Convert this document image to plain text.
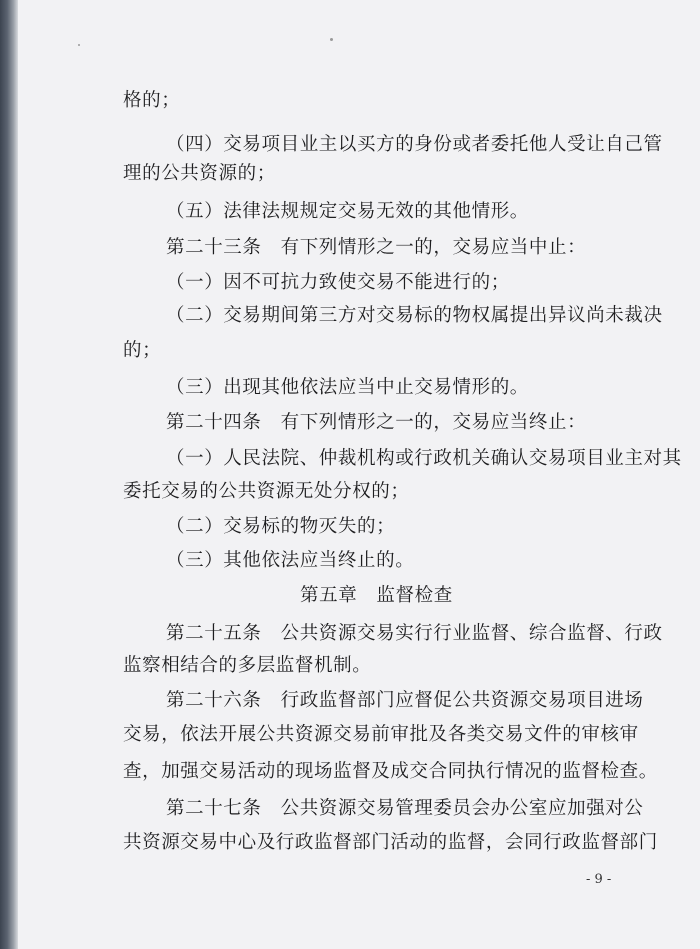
格的；
（四）交易项目业主以买方的身份或者委托他人受让自己管
理的公共资源的；
（五）法律法规规定交易无效的其他情形。
第二十三条　有下列情形之一的，交易应当中止：
（一）因不可抗力致使交易不能进行的；
（二）交易期间第三方对交易标的物权属提出异议尚未裁决
的；
（三）出现其他依法应当中止交易情形的。
第二十四条　有下列情形之一的，交易应当终止：
（一）人民法院、仲裁机构或行政机关确认交易项目业主对其
委托交易的公共资源无处分权的；
（二）交易标的物灭失的；
（三）其他依法应当终止的。
第五章　监督检查
第二十五条　公共资源交易实行行业监督、综合监督、行政
监察相结合的多层监督机制。
第二十六条　行政监督部门应督促公共资源交易项目进场
交易，依法开展公共资源交易前审批及各类交易文件的审核审
查，加强交易活动的现场监督及成交合同执行情况的监督检查。
第二十七条　公共资源交易管理委员会办公室应加强对公
共资源交易中心及行政监督部门活动的监督，会同行政监督部门
- 9 -
